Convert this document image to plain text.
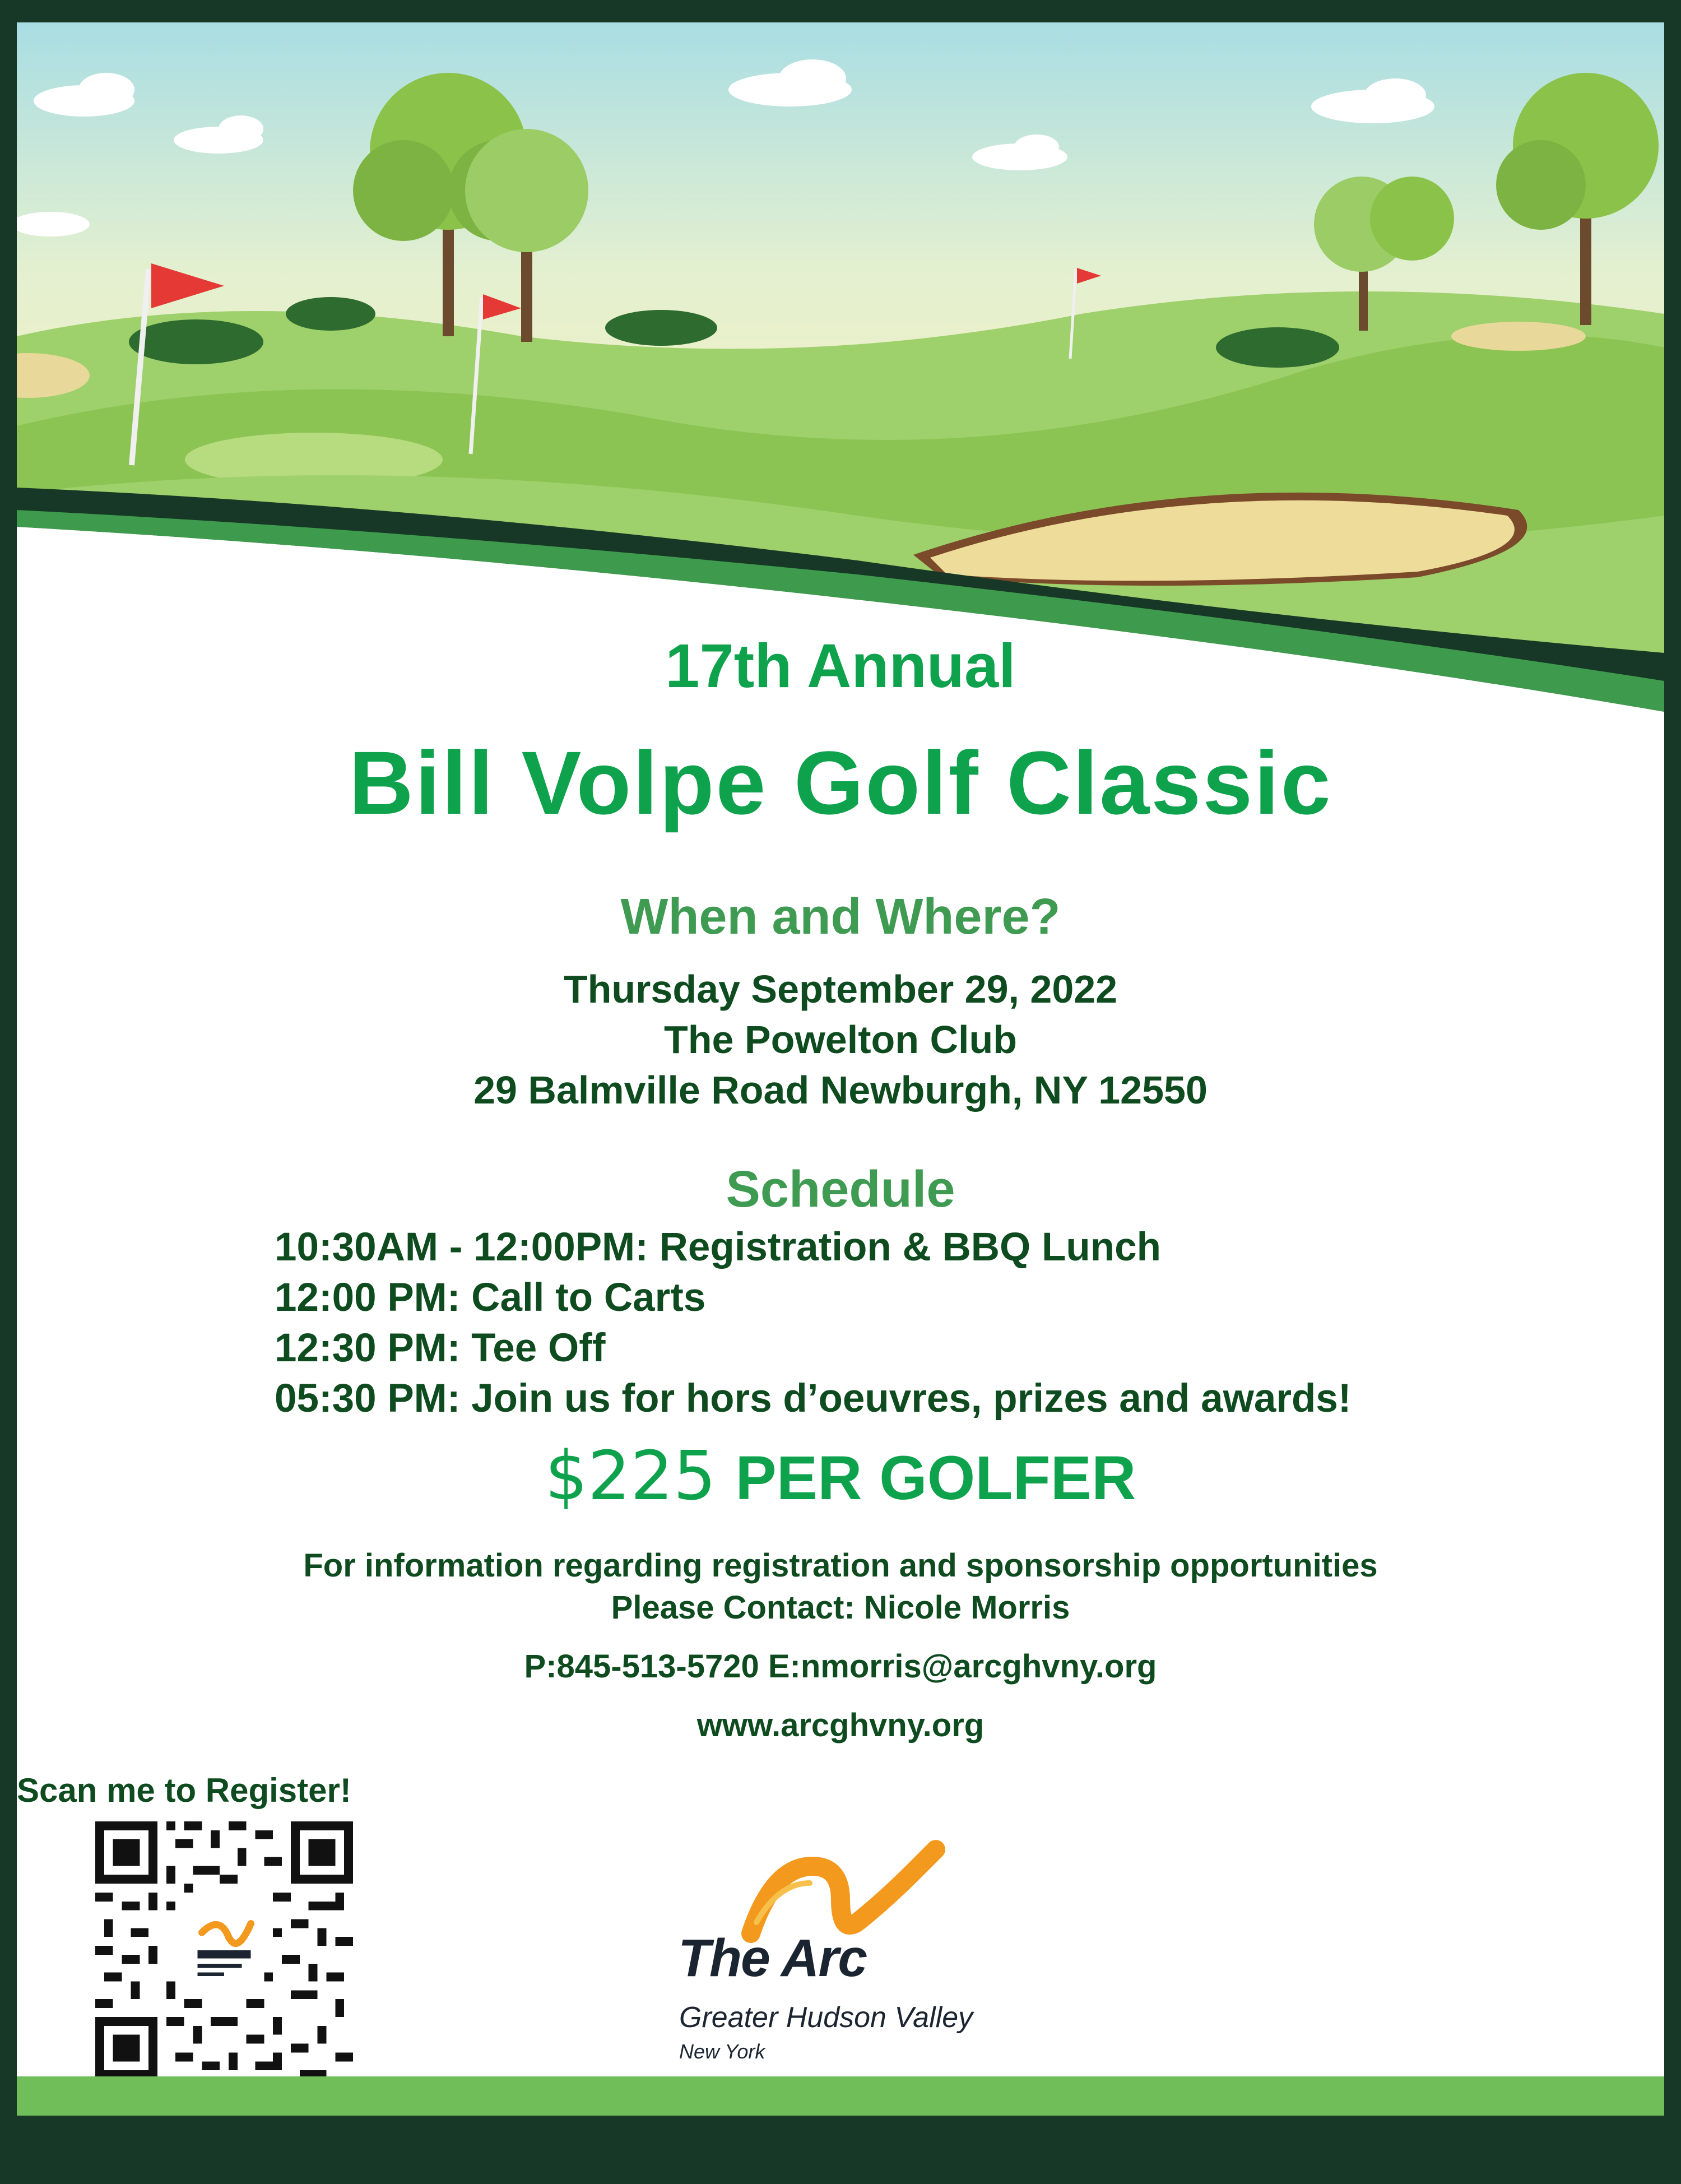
17th Annual
Bill Volpe Golf Classic
When and Where?
Thursday September 29, 2022
The Powelton Club
29 Balmville Road Newburgh, NY 12550
Schedule
10:30AM - 12:00PM: Registration & BBQ Lunch
12:00 PM: Call to Carts
12:30 PM: Tee Off
05:30 PM: Join us for hors d’oeuvres, prizes and awards!
$225 PER GOLFER
For information regarding registration and sponsorship opportunities
Please Contact: Nicole Morris
P:845-513-5720 E:nmorris@arcghvny.org
www.arcghvny.org
Scan me to Register!
The Arc
Greater Hudson Valley
New York
